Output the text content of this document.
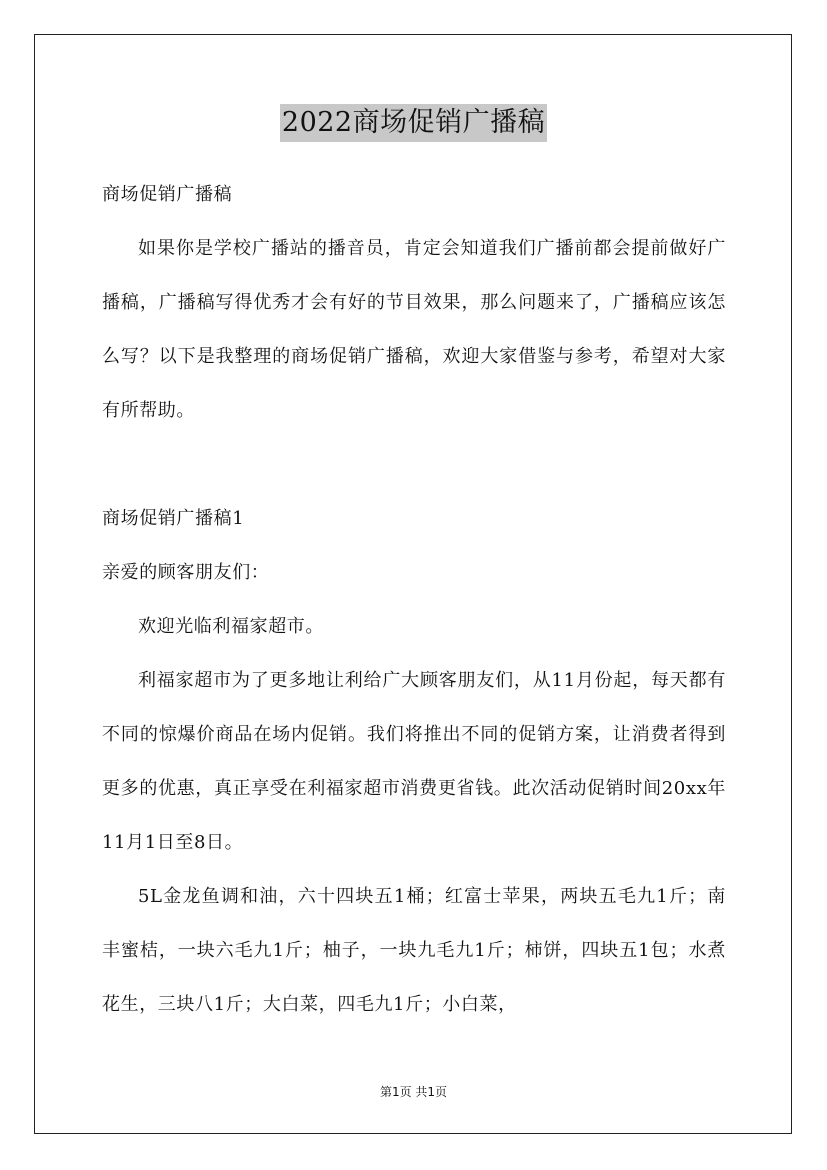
2022商场促销广播稿

商场促销广播稿

如果你是学校广播站的播音员，肯定会知道我们广播前都会提前做好广播稿，广播稿写得优秀才会有好的节目效果，那么问题来了，广播稿应该怎么写？以下是我整理的商场促销广播稿，欢迎大家借鉴与参考，希望对大家有所帮助。

商场促销广播稿1

亲爱的顾客朋友们：

欢迎光临利福家超市。

利福家超市为了更多地让利给广大顾客朋友们，从11月份起，每天都有不同的惊爆价商品在场内促销。我们将推出不同的促销方案，让消费者得到更多的优惠，真正享受在利福家超市消费更省钱。此次活动促销时间20xx年11月1日至8日。

5L金龙鱼调和油，六十四块五1桶；红富士苹果，两块五毛九1斤；南丰蜜桔，一块六毛九1斤；柚子，一块九毛九1斤；柿饼，四块五1包；水煮花生，三块八1斤；大白菜，四毛九1斤；小白菜，

第1页 共1页
